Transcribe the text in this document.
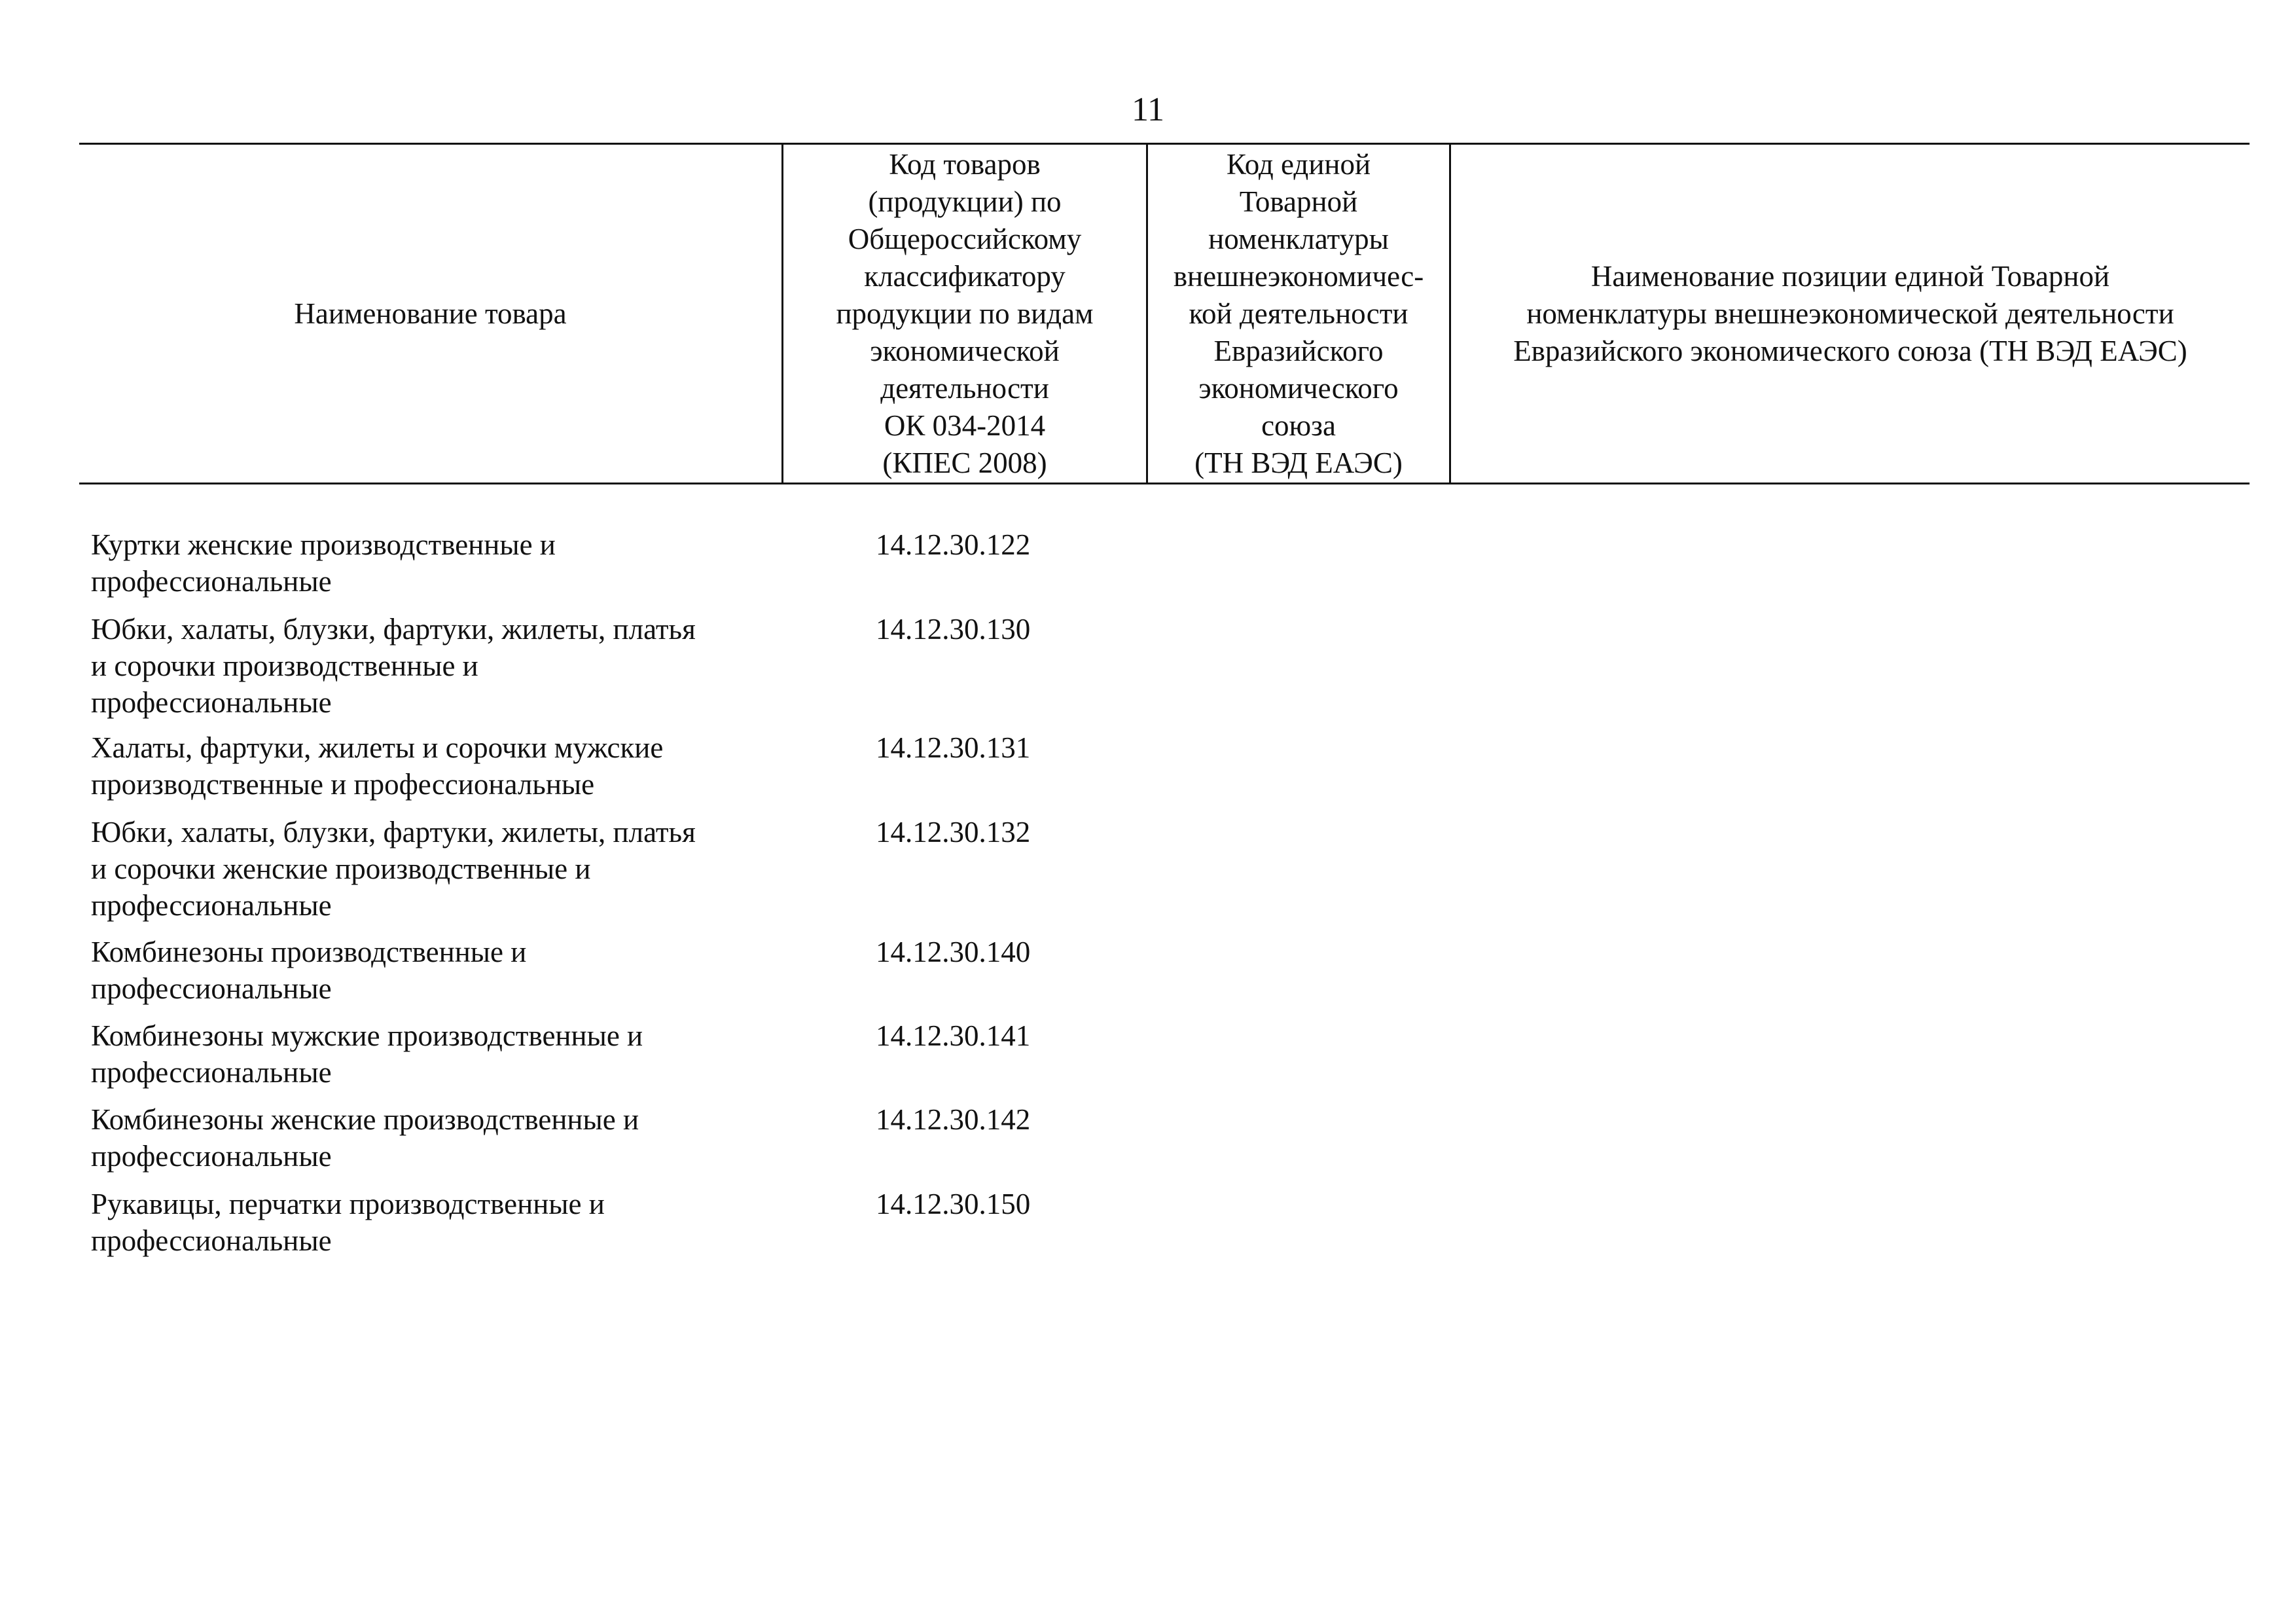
11
Наименование товара
Код товаров
(продукции) по
Общероссийскому
классификатору
продукции по видам
экономической
деятельности
ОК 034-2014
(КПЕС 2008)
Код единой
Товарной
номенклатуры
внешнеэкономичес-
кой деятельности
Евразийского
экономического
союза
(ТН ВЭД ЕАЭС)
Наименование позиции единой Товарной
номенклатуры внешнеэкономической деятельности
Евразийского экономического союза (ТН ВЭД ЕАЭС)
Куртки женские производственные и
профессиональные
14.12.30.122
Юбки, халаты, блузки, фартуки, жилеты, платья
и сорочки производственные и
профессиональные
14.12.30.130
Халаты, фартуки, жилеты и сорочки мужские
производственные и профессиональные
14.12.30.131
Юбки, халаты, блузки, фартуки, жилеты, платья
и сорочки женские производственные и
профессиональные
14.12.30.132
Комбинезоны производственные и
профессиональные
14.12.30.140
Комбинезоны мужские производственные и
профессиональные
14.12.30.141
Комбинезоны женские производственные и
профессиональные
14.12.30.142
Рукавицы, перчатки производственные и
профессиональные
14.12.30.150
